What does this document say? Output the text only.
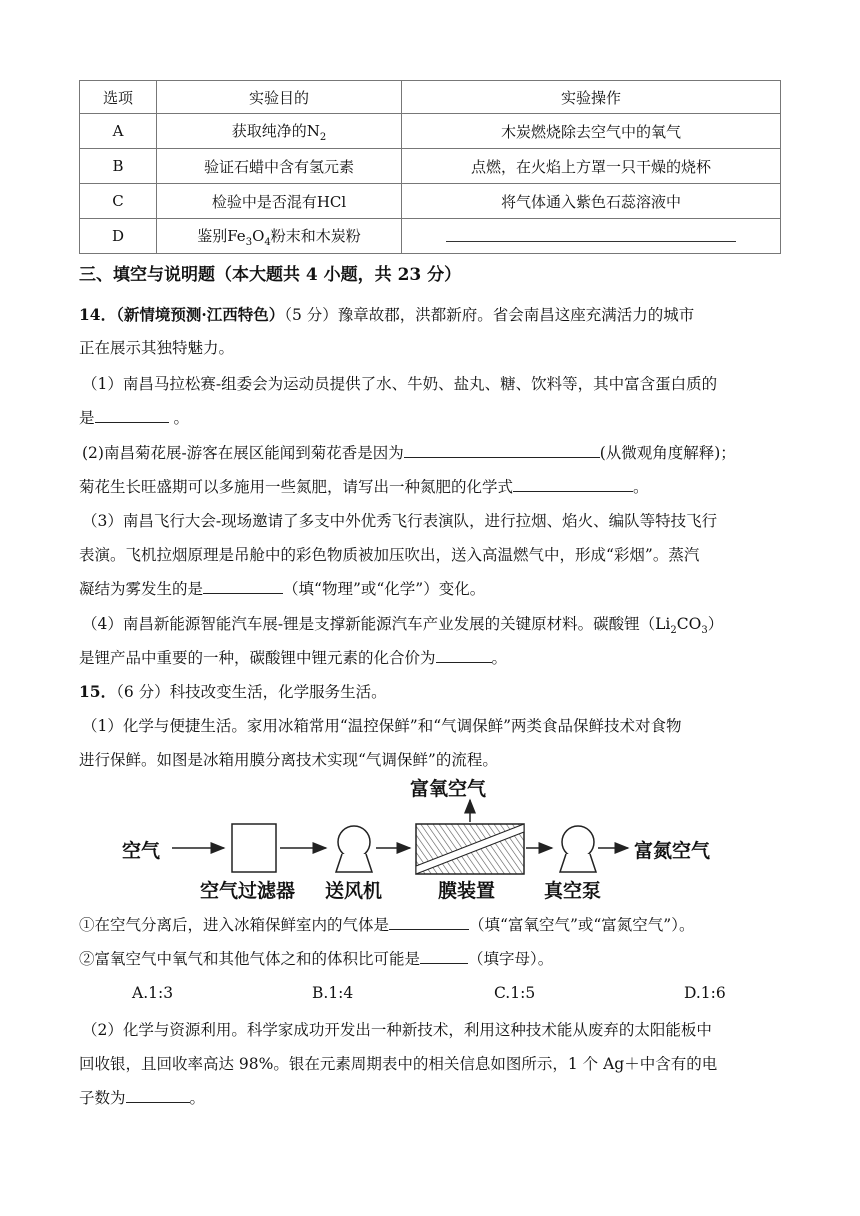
选项	实验目的	实验操作
A	获取纯净的$N_2$	木炭燃烧除去空气中的氧气
B	验证石蜡中含有氢元素	点燃，在火焰上方罩一只干燥的烧杯
C	检验中是否混有HCl	将气体通入紫色石蕊溶液中
D	鉴别$Fe_3O_4$粉末和木炭粉	
三、填空与说明题（本大题共 4 小题，共 23 分）
14．（新情境预测·江西特色）（5 分）豫章故郡，洪都新府。省会南昌这座充满活力的城市
正在展示其独特魅力。
（1）南昌马拉松赛-组委会为运动员提供了水、牛奶、盐丸、糖、饮料等，其中富含蛋白质的
是	。
(2)南昌菊花展-游客在展区能闻到菊花香是因为	(从微观角度解释)；
菊花生长旺盛期可以多施用一些氮肥，请写出一种氮肥的化学式	。
（3）南昌飞行大会-现场邀请了多支中外优秀飞行表演队，进行拉烟、焰火、编队等特技飞行
表演。飞机拉烟原理是吊舱中的彩色物质被加压吹出，送入高温燃气中，形成“彩烟”。蒸汽
凝结为雾发生的是	（填“物理”或“化学”）变化。
（4）南昌新能源智能汽车展-锂是支撑新能源汽车产业发展的关键原材料。碳酸锂$(Li_2CO_3)$
是锂产品中重要的一种，碳酸锂中锂元素的化合价为	。
15．（6 分）科技改变生活，化学服务生活。
（1）化学与便捷生活。家用冰箱常用“温控保鲜”和“气调保鲜”两类食品保鲜技术对食物
进行保鲜。如图是冰箱用膜分离技术实现“气调保鲜”的流程。
富氧空气
空气	富氮空气
空气过滤器 送风机	膜装置	真空泵
①在空气分离后，进入冰箱保鲜室内的气体是	（填“富氧空气”或“富氮空气”）。
②富氧空气中氧气和其他气体之和的体积比可能是	（填字母）。
A.1:3	B.1:4	C.1:5	D.1:6
（2）化学与资源利用。科学家成功开发出一种新技术，利用这种技术能从废弃的太阳能板中
回收银，且回收率高达 98%。银在元素周期表中的相关信息如图所示，1 个 Ag＋中含有的电
子数为	。
